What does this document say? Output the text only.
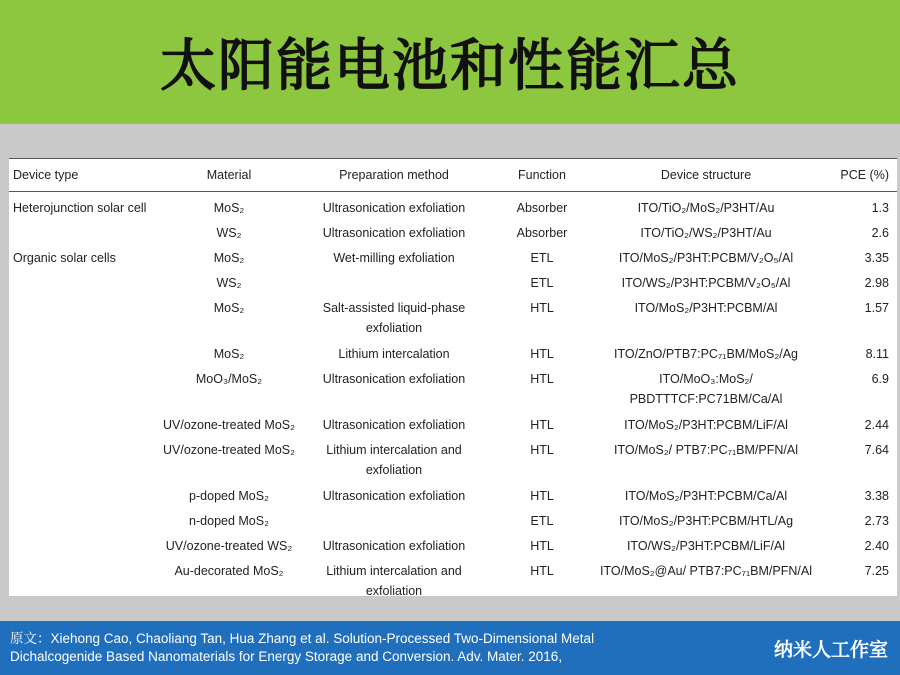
太阳能电池和性能汇总
Device type	Material	Preparation method	Function	Device structure	PCE (%)
Heterojunction solar cell	MoS₂	Ultrasonication exfoliation	Absorber	ITO/TiO₂/MoS₂/P3HT/Au	1.3
	WS₂	Ultrasonication exfoliation	Absorber	ITO/TiO₂/WS₂/P3HT/Au	2.6
Organic solar cells	MoS₂	Wet-milling exfoliation	ETL	ITO/MoS₂/P3HT:PCBM/V₂O₅/Al	3.35
	WS₂		ETL	ITO/WS₂/P3HT:PCBM/V₂O₅/Al	2.98
	MoS₂	Salt-assisted liquid-phase exfoliation	HTL	ITO/MoS₂/P3HT:PCBM/Al	1.57
	MoS₂	Lithium intercalation	HTL	ITO/ZnO/PTB7:PC₇₁BM/MoS₂/Ag	8.11
	MoO₃/MoS₂	Ultrasonication exfoliation	HTL	ITO/MoO₃:MoS₂/ PBDTTTCF:PC71BM/Ca/Al	6.9
	UV/ozone-treated MoS₂	Ultrasonication exfoliation	HTL	ITO/MoS₂/P3HT:PCBM/LiF/Al	2.44
	UV/ozone-treated MoS₂	Lithium intercalation and exfoliation	HTL	ITO/MoS₂/ PTB7:PC₇₁BM/PFN/Al	7.64
	p-doped MoS₂	Ultrasonication exfoliation	HTL	ITO/MoS₂/P3HT:PCBM/Ca/Al	3.38
	n-doped MoS₂		ETL	ITO/MoS₂/P3HT:PCBM/HTL/Ag	2.73
	UV/ozone-treated WS₂	Ultrasonication exfoliation	HTL	ITO/WS₂/P3HT:PCBM/LiF/Al	2.40
	Au-decorated MoS₂	Lithium intercalation and exfoliation	HTL	ITO/MoS₂@Au/ PTB7:PC₇₁BM/PFN/Al	7.25
原文：Xiehong Cao, Chaoliang Tan, Hua Zhang et al. Solution-Processed Two-Dimensional Metal
Dichalcogenide Based Nanomaterials for Energy Storage and Conversion. Adv. Mater. 2016,	纳米人工作室
